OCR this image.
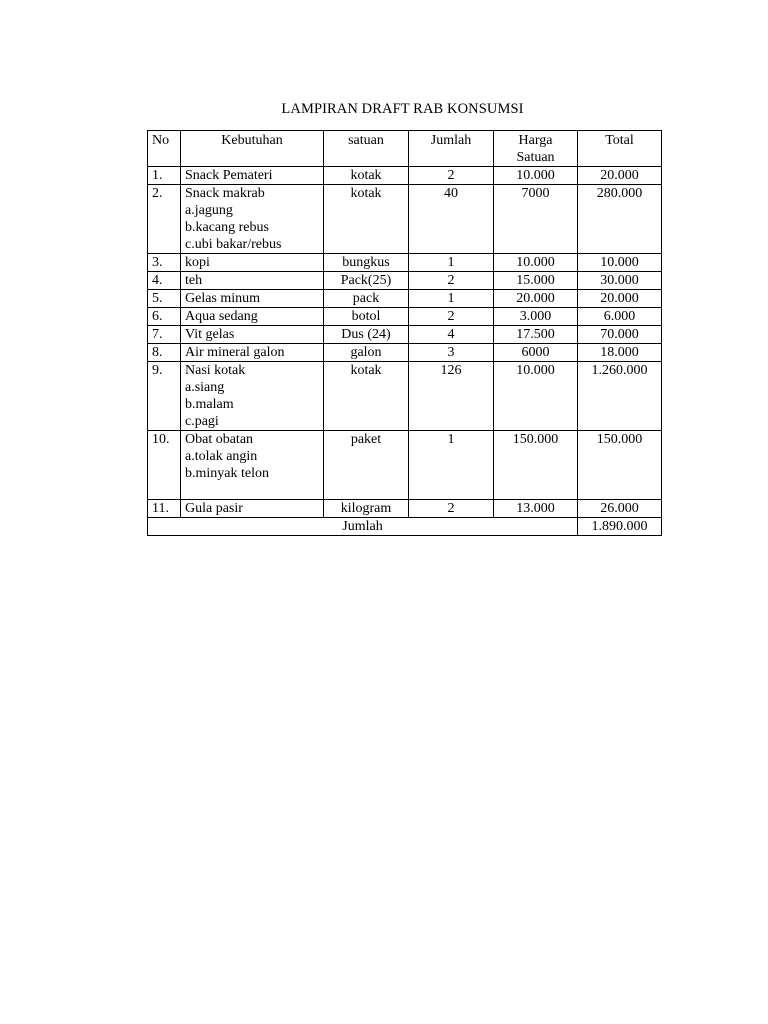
LAMPIRAN DRAFT RAB KONSUMSI
No	Kebutuhan	satuan	Jumlah	Harga
Satuan	Total
1.	Snack Pemateri	kotak	2	10.000	20.000
2.	Snack makrab
a.jagung
b.kacang rebus
c.ubi bakar/rebus	kotak	40	7000	280.000
3.	kopi	bungkus	1	10.000	10.000
4.	teh	Pack(25)	2	15.000	30.000
5.	Gelas minum	pack	1	20.000	20.000
6.	Aqua sedang	botol	2	3.000	6.000
7.	Vit gelas	Dus (24)	4	17.500	70.000
8.	Air mineral galon	galon	3	6000	18.000
9.	Nasi kotak
a.siang
b.malam
c.pagi	kotak	126	10.000	1.260.000
10.	Obat obatan
a.tolak angin
b.minyak telon	paket	1	150.000	150.000
11.	Gula pasir	kilogram	2	13.000	26.000
Jumlah					1.890.000
